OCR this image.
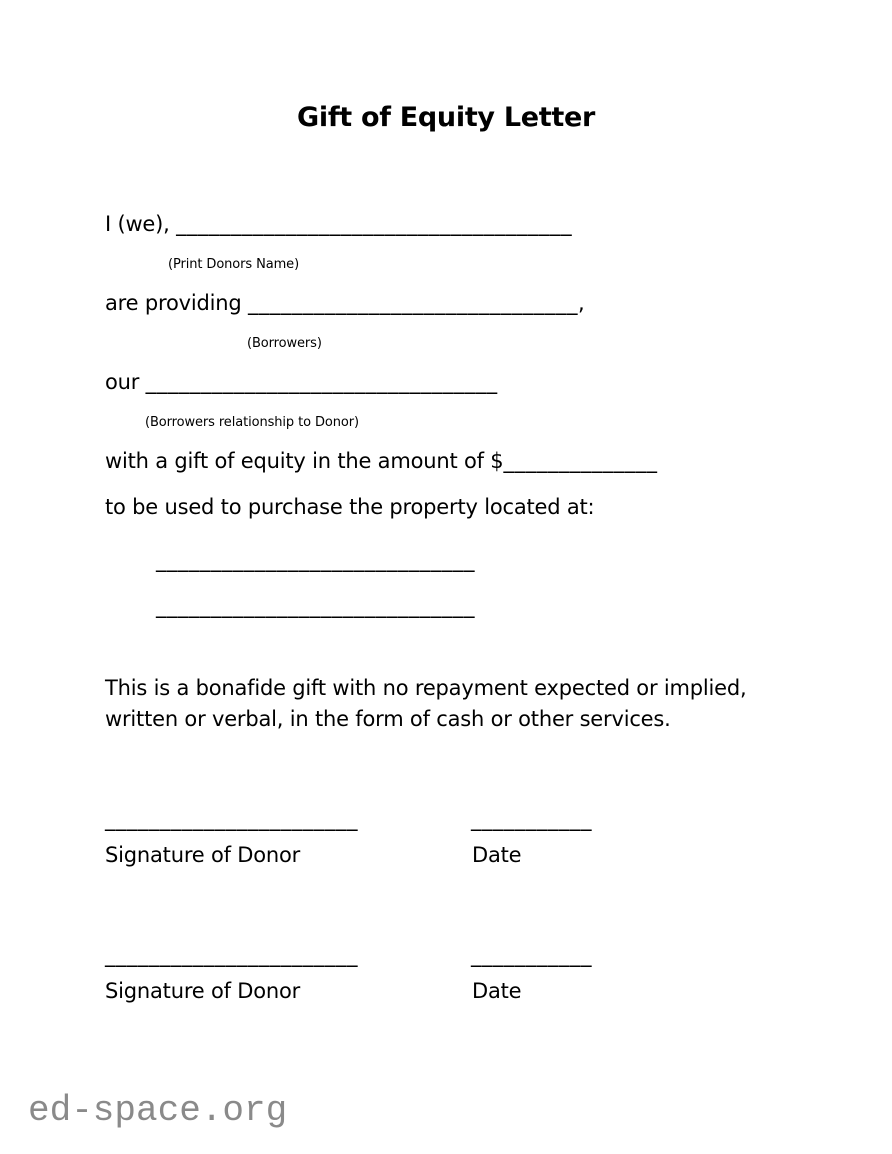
Gift of Equity Letter
I (we), ____________________________________
(Print Donors Name)
are providing ______________________________,
(Borrowers)
our ________________________________
(Borrowers relationship to Donor)
with a gift of equity in the amount of $______________
to be used to purchase the property located at:
_____________________________
_____________________________
This is a bonafide gift with no repayment expected or implied,
written or verbal, in the form of cash or other services.
_______________________	___________
Signature of Donor	Date
_______________________	___________
Signature of Donor	Date
ed-space.org
